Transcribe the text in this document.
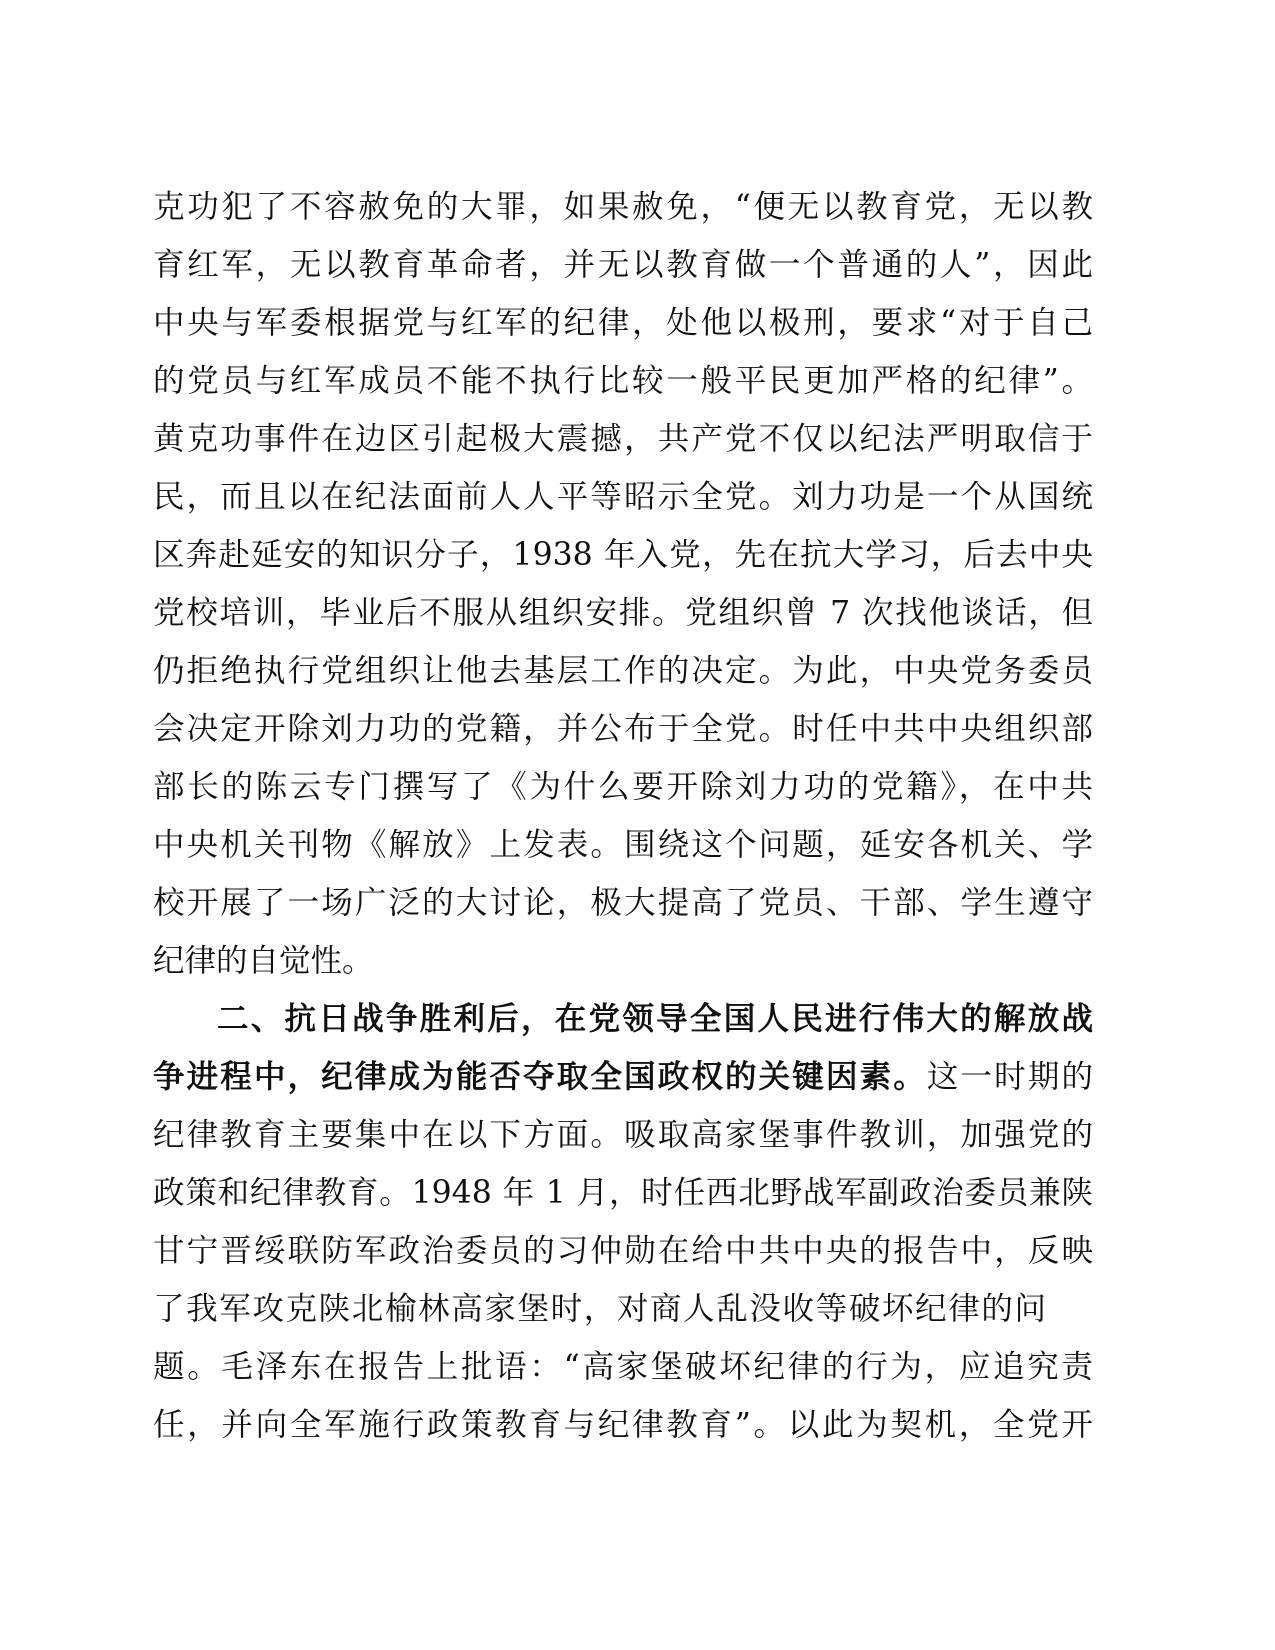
克功犯了不容赦免的大罪，如果赦免，“便无以教育党，无以教
育红军，无以教育革命者，并无以教育做一个普通的人”，因此
中央与军委根据党与红军的纪律，处他以极刑，要求“对于自己
的党员与红军成员不能不执行比较一般平民更加严格的纪律”。
黄克功事件在边区引起极大震撼，共产党不仅以纪法严明取信于
民，而且以在纪法面前人人平等昭示全党。刘力功是一个从国统
区奔赴延安的知识分子，1938 年入党，先在抗大学习，后去中央
党校培训，毕业后不服从组织安排。党组织曾 7 次找他谈话，但
仍拒绝执行党组织让他去基层工作的决定。为此，中央党务委员
会决定开除刘力功的党籍，并公布于全党。时任中共中央组织部
部长的陈云专门撰写了《为什么要开除刘力功的党籍》，在中共
中央机关刊物《解放》上发表。围绕这个问题，延安各机关、学
校开展了一场广泛的大讨论，极大提高了党员、干部、学生遵守
纪律的自觉性。
二、抗日战争胜利后，在党领导全国人民进行伟大的解放战
争进程中，纪律成为能否夺取全国政权的关键因素。这一时期的
纪律教育主要集中在以下方面。吸取高家堡事件教训，加强党的
政策和纪律教育。1948 年 1 月，时任西北野战军副政治委员兼陕
甘宁晋绥联防军政治委员的习仲勋在给中共中央的报告中，反映
了我军攻克陕北榆林高家堡时，对商人乱没收等破坏纪律的问
题。毛泽东在报告上批语：“高家堡破坏纪律的行为，应追究责
任，并向全军施行政策教育与纪律教育”。以此为契机，全党开
